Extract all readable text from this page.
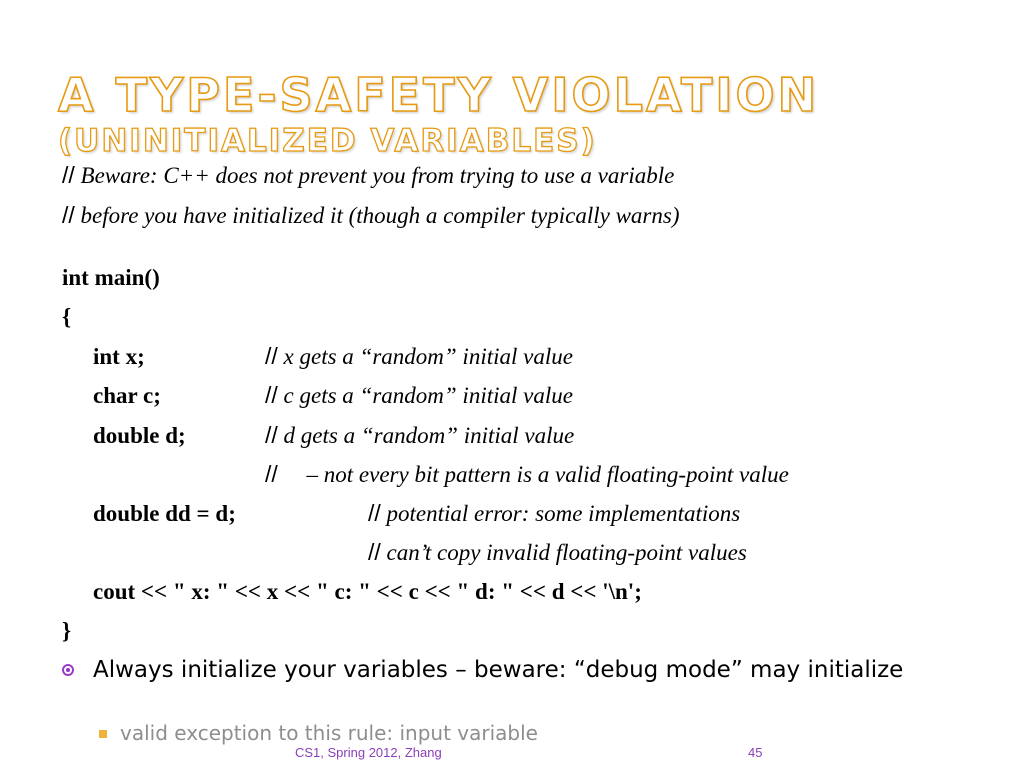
A TYPE-SAFETY VIOLATION
(UNINITIALIZED VARIABLES)
// Beware: C++ does not prevent you from trying to use a variable
// before you have initialized it (though a compiler typically warns)
int main()
{
int x;	// x gets a “random” initial value
char c;	// c gets a “random” initial value
double d;	// d gets a “random” initial value
//     – not every bit pattern is a valid floating-point value
double dd = d;	// potential error: some implementations
// can’t copy invalid floating-point values
cout << " x: " << x << " c: " << c << " d: " << d << '\n';
}
Always initialize your variables – beware: “debug mode” may initialize
valid exception to this rule: input variable
CS1, Spring 2012, Zhang	45
